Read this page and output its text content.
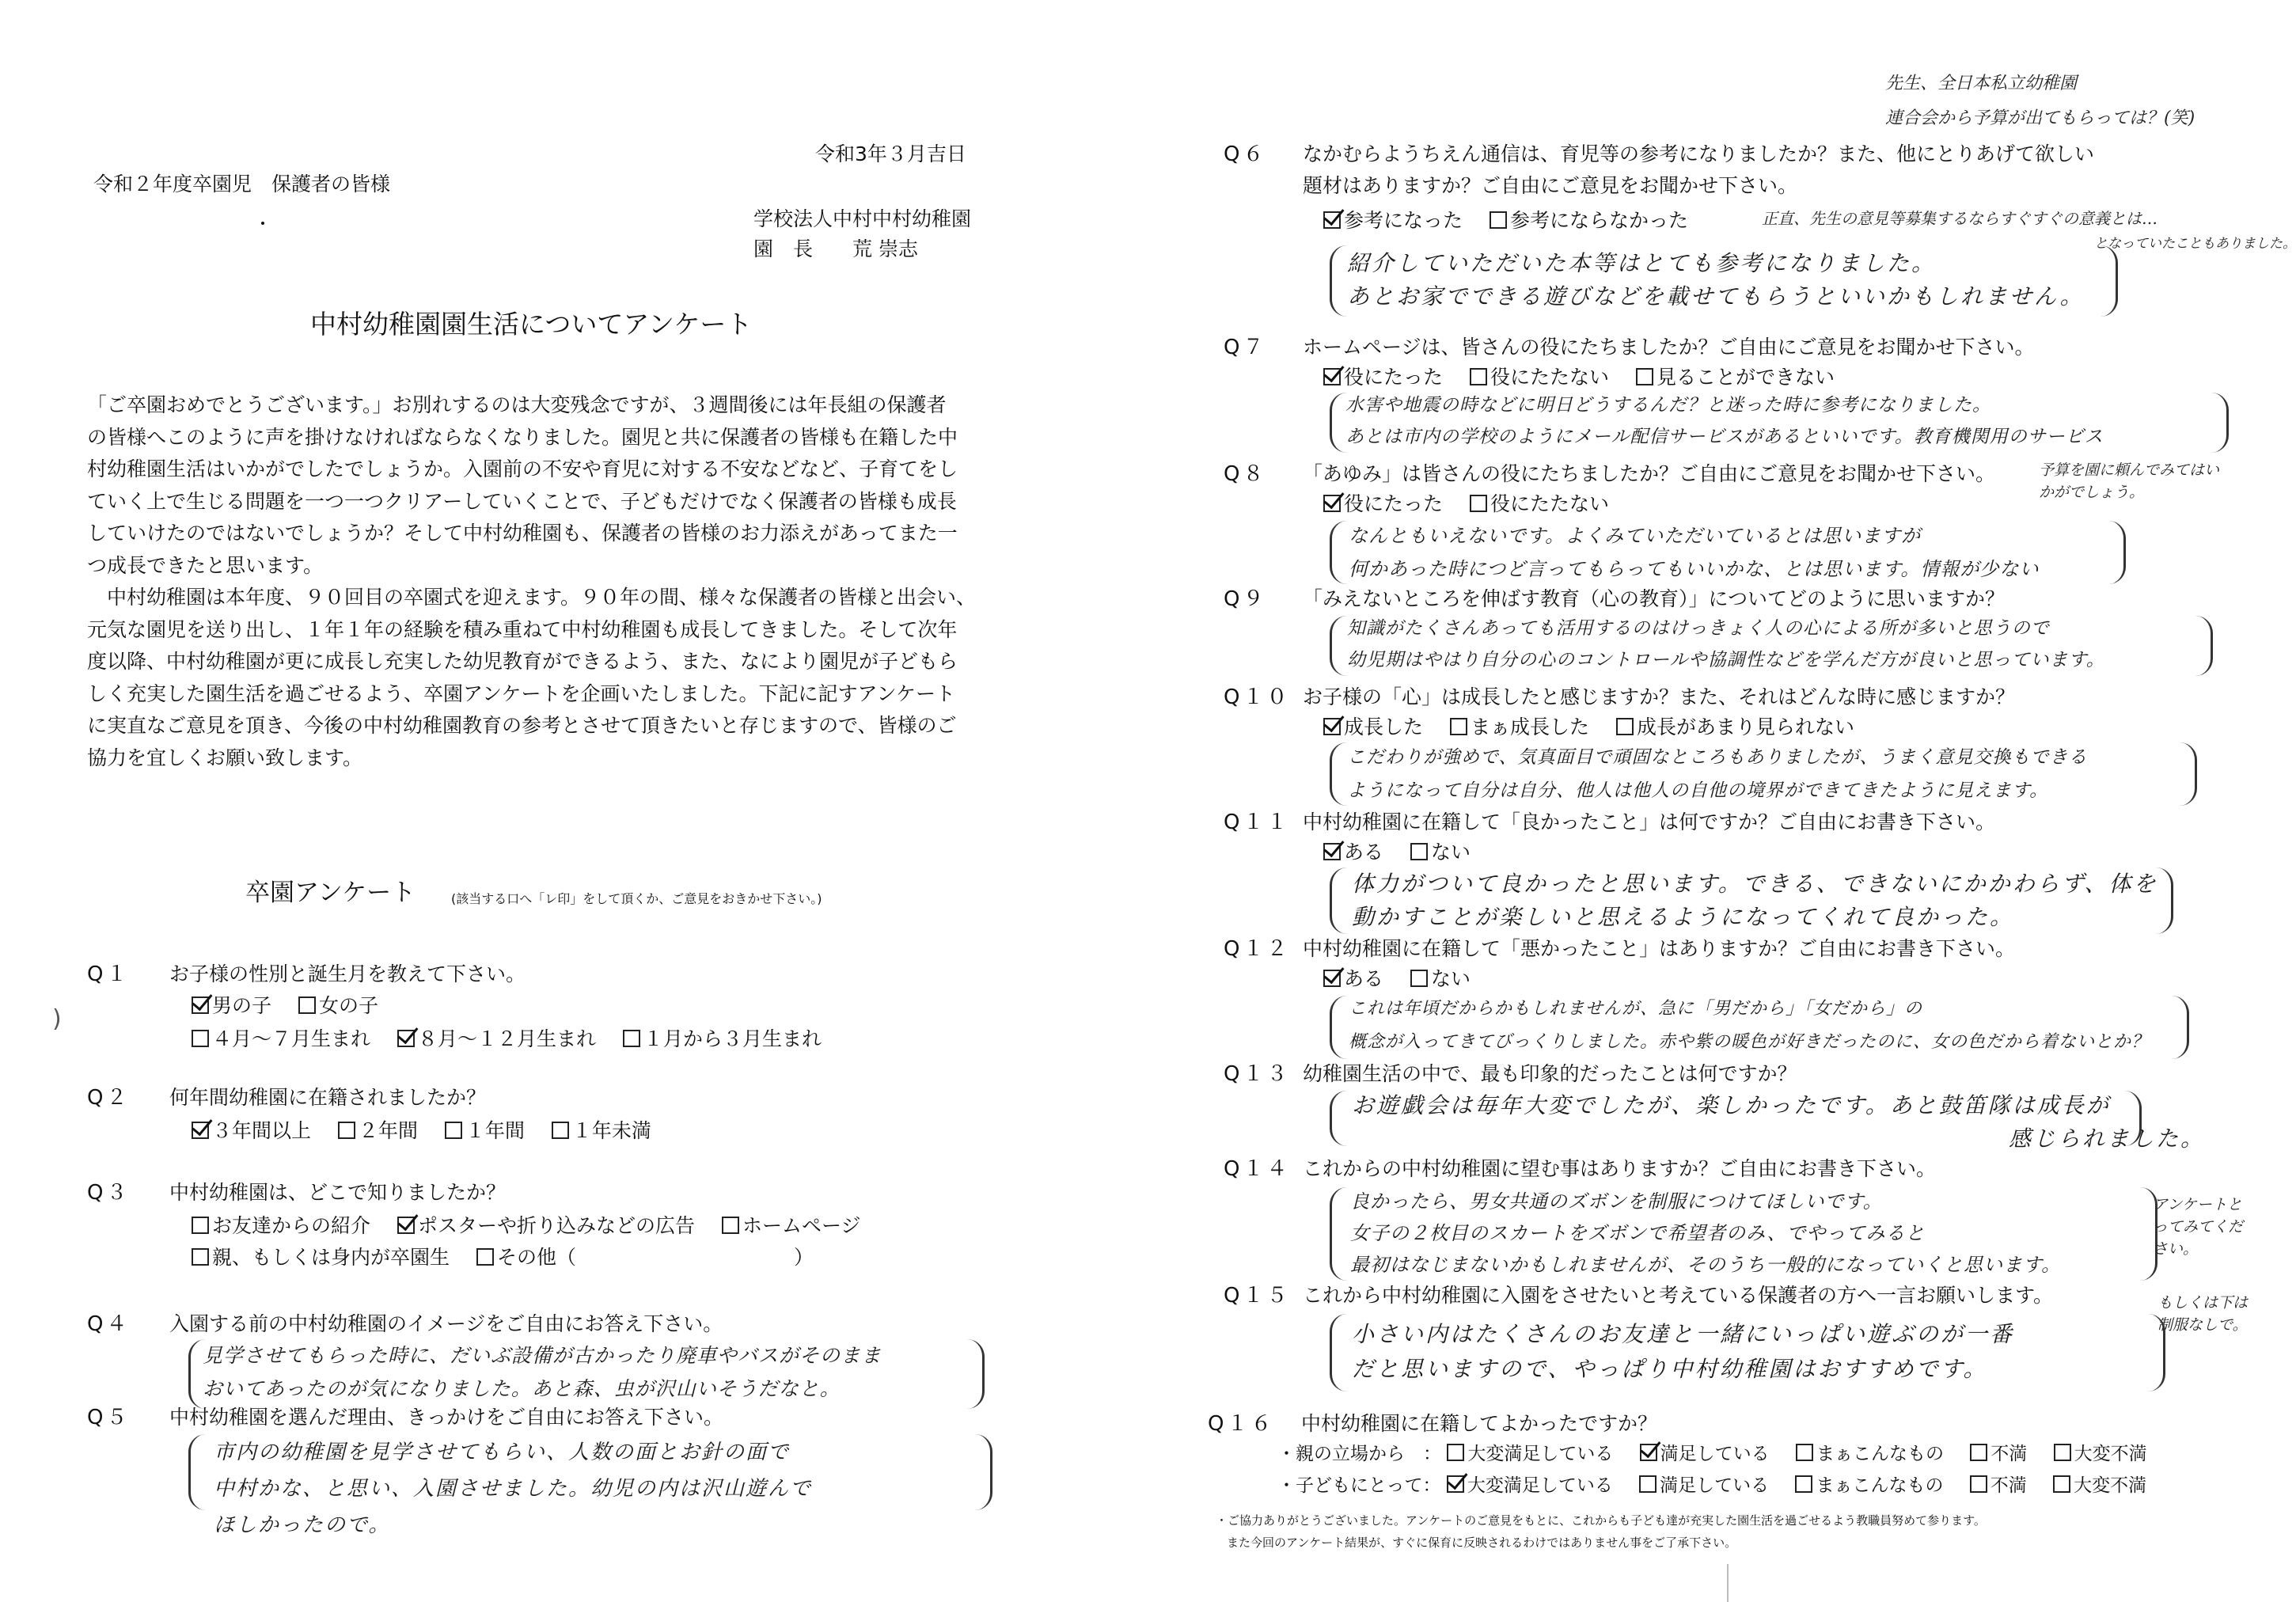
令和２年度卒園児　保護者の皆様
令和3年３月吉日
学校法人中村中村幼稚園
園　長　　荒 崇志
中村幼稚園園生活についてアンケート

「ご卒園おめでとうございます。」お別れするのは大変残念ですが、３週間後には年長組の保護者

の皆様へこのように声を掛けなければならなくなりました。園児と共に保護者の皆様も在籍した中

村幼稚園生活はいかがでしたでしょうか。入園前の不安や育児に対する不安などなど、子育てをし

ていく上で生じる問題を一つ一つクリアーしていくことで、子どもだけでなく保護者の皆様も成長

していけたのではないでしょうか？そして中村幼稚園も、保護者の皆様のお力添えがあってまた一

つ成長できたと思います。

　中村幼稚園は本年度、９０回目の卒園式を迎えます。９０年の間、様々な保護者の皆様と出会い、

元気な園児を送り出し、１年１年の経験を積み重ねて中村幼稚園も成長してきました。そして次年

度以降、中村幼稚園が更に成長し充実した幼児教育ができるよう、また、なにより園児が子どもら

しく充実した園生活を過ごせるよう、卒園アンケートを企画いたしました。下記に記すアンケート

に実直なご意見を頂き、今後の中村幼稚園教育の参考とさせて頂きたいと存じますので、皆様のご

協力を宜しくお願い致します。

卒園アンケート	(該当する口へ「レ印」をして頂くか、ご意見をおきかせ下さい。)
Q１ お子様の性別と誕生月を教えて下さい。
男の子 女の子
４月～７月生まれ ８月～１２月生まれ １月から３月生まれ
Q２ 何年間幼稚園に在籍されましたか？
３年間以上 ２年間 １年間 １年未満
Q３ 中村幼稚園は、どこで知りましたか？
お友達からの紹介 ポスターや折り込みなどの広告 ホームページ
親、もしくは身内が卒園生 その他（　　　　　　　　　　　）
Q４ 入園する前の中村幼稚園のイメージをご自由にお答え下さい。
見学させてもらった時に、だいぶ設備が古かったり廃車やバスがそのまま
おいてあったのが気になりました。あと森、虫が沢山いそうだなと。
Q５ 中村幼稚園を選んだ理由、きっかけをご自由にお答え下さい。
市内の幼稚園を見学させてもらい、人数の面とお針の面で
中村かな、と思い、入園させました。幼児の内は沢山遊んで
ほしかったので。
)
先生、全日本私立幼稚園
連合会から予算が出てもらっては？(笑)
Q６ なかむらようちえん通信は、育児等の参考になりましたか？また、他にとりあげて欲しい
題材はありますか？ご自由にご意見をお聞かせ下さい。
参考になった 参考にならなかった	正直、先生の意見等募集するならすぐすぐの意義とは…
となっていたこともありました。
紹介していただいた本等はとても参考になりました。
あとお家でできる遊びなどを載せてもらうといいかもしれません。
Q７ ホームページは、皆さんの役にたちましたか？ご自由にご意見をお聞かせ下さい。
役にたった 役にたたない 見ることができない
水害や地震の時などに明日どうするんだ？と迷った時に参考になりました。
あとは市内の学校のようにメール配信サービスがあるといいです。教育機関用のサービス
Q８ 「あゆみ」は皆さんの役にたちましたか？ご自由にご意見をお聞かせ下さい。	予算を園に頼んでみてはいかがでしょう。
役にたった 役にたたない
なんともいえないです。よくみていただいているとは思いますが
何かあった時につど言ってもらってもいいかな、とは思います。情報が少ない
Q９ 「みえないところを伸ばす教育（心の教育）」についてどのように思いますか？
知識がたくさんあっても活用するのはけっきょく人の心による所が多いと思うので
幼児期はやはり自分の心のコントロールや協調性などを学んだ方が良いと思っています。
Q１０ お子様の「心」は成長したと感じますか？また、それはどんな時に感じますか？
成長した まぁ成長した 成長があまり見られない
こだわりが強めで、気真面目で頑固なところもありましたが、うまく意見交換もできる
ようになって自分は自分、他人は他人の自他の境界ができてきたように見えます。
Q１１ 中村幼稚園に在籍して「良かったこと」は何ですか？ご自由にお書き下さい。
ある ない
体力がついて良かったと思います。できる、できないにかかわらず、体を
動かすことが楽しいと思えるようになってくれて良かった。
Q１２ 中村幼稚園に在籍して「悪かったこと」はありますか？ご自由にお書き下さい。
ある ない
これは年頃だからかもしれませんが、急に「男だから」「女だから」の
概念が入ってきてびっくりしました。赤や紫の暖色が好きだったのに、女の色だから着ないとか？
Q１３ 幼稚園生活の中で、最も印象的だったことは何ですか？
お遊戯会は毎年大変でしたが、楽しかったです。あと鼓笛隊は成長が
感じられました。
Q１４ これからの中村幼稚園に望む事はありますか？ご自由にお書き下さい。
良かったら、男女共通のズボンを制服につけてほしいです。
女子の２枚目のスカートをズボンで希望者のみ、でやってみると
最初はなじまないかもしれませんが、そのうち一般的になっていくと思います。
アンケートとってみてください。
Q１５ これから中村幼稚園に入園をさせたいと考えている保護者の方へ一言お願いします。	もしくは下は制服なしで。
小さい内はたくさんのお友達と一緒にいっぱい遊ぶのが一番
だと思いますので、やっぱり中村幼稚園はおすすめです。
Q１６ 中村幼稚園に在籍してよかったですか？
・親の立場から　： 大変満足している	満足している	まぁこんなもの	不満	大変不満
・子どもにとって： 大変満足している	満足している	まぁこんなもの	不満	大変不満
・ご協力ありがとうございました。アンケートのご意見をもとに、これからも子ども達が充実した園生活を過ごせるよう教職員努めて参ります。
また今回のアンケート結果が、すぐに保育に反映されるわけではありません事をご了承下さい。
